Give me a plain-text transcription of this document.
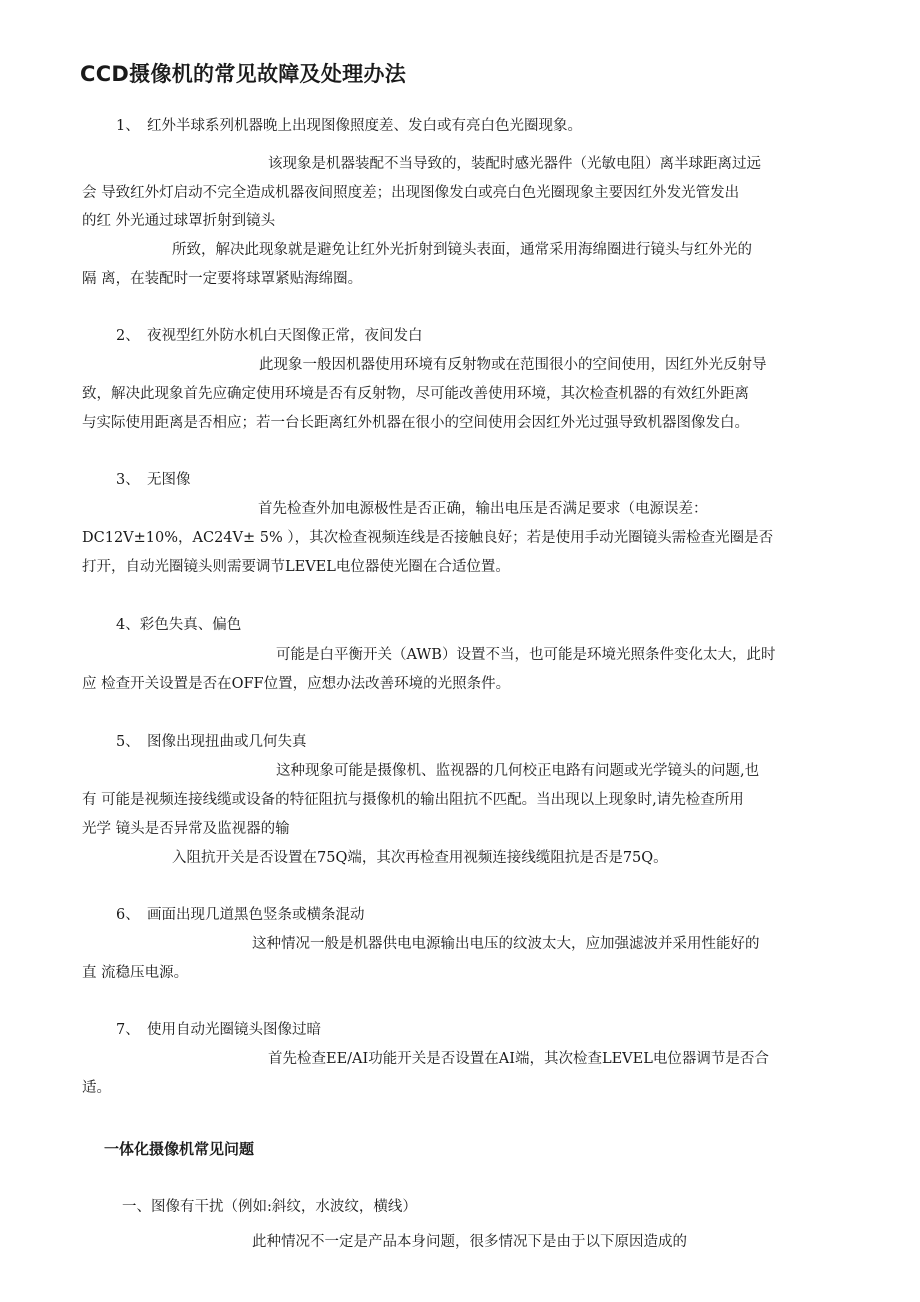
CCD摄像机的常见故障及处理办法
1、　红外半球系列机器晚上出现图像照度差、发白或有亮白色光圈现象。
该现象是机器装配不当导致的，装配时感光器件（光敏电阻）离半球距离过远
会 导致红外灯启动不完全造成机器夜间照度差；出现图像发白或亮白色光圈现象主要因红外发光管发出
的红 外光通过球罩折射到镜头
所致，解决此现象就是避免让红外光折射到镜头表面，通常采用海绵圈进行镜头与红外光的
隔 离，在装配时一定要将球罩紧贴海绵圈。
2、　夜视型红外防水机白天图像正常，夜间发白
此现象一般因机器使用环境有反射物或在范围很小的空间使用，因红外光反射导
致，解决此现象首先应确定使用环境是否有反射物，尽可能改善使用环境，其次检查机器的有效红外距离
与实际使用距离是否相应；若一台长距离红外机器在很小的空间使用会因红外光过强导致机器图像发白。
3、　无图像
首先检查外加电源极性是否正确，输出电压是否满足要求（电源误差：
DC12V±10%，AC24V± 5% ），其次检查视频连线是否接触良好；若是使用手动光圈镜头需检查光圈是否
打开，自动光圈镜头则需要调节LEVEL电位器使光圈在合适位置。
4、彩色失真、偏色
可能是白平衡开关（AWB）设置不当，也可能是环境光照条件变化太大，此时
应 检查开关设置是否在OFF位置，应想办法改善环境的光照条件。
5、　图像出现扭曲或几何失真
这种现象可能是摄像机、监视器的几何校正电路有问题或光学镜头的问题,也
有 可能是视频连接线缆或设备的特征阻抗与摄像机的输出阻抗不匹配。当出现以上现象时,请先检查所用
光学 镜头是否异常及监视器的输
入阻抗开关是否设置在75Q端，其次再检查用视频连接线缆阻抗是否是75Q。
6、　画面出现几道黑色竖条或横条混动
这种情况一般是机器供电电源输出电压的纹波太大，应加强滤波并采用性能好的
直 流稳压电源。
7、　使用自动光圈镜头图像过暗
首先检查EE/AI功能开关是否设置在AI端，其次检查LEVEL电位器调节是否合
适。
一体化摄像机常见问题
一、图像有干扰（例如:斜纹，水波纹，横线）
此种情况不一定是产品本身问题，很多情况下是由于以下原因造成的
